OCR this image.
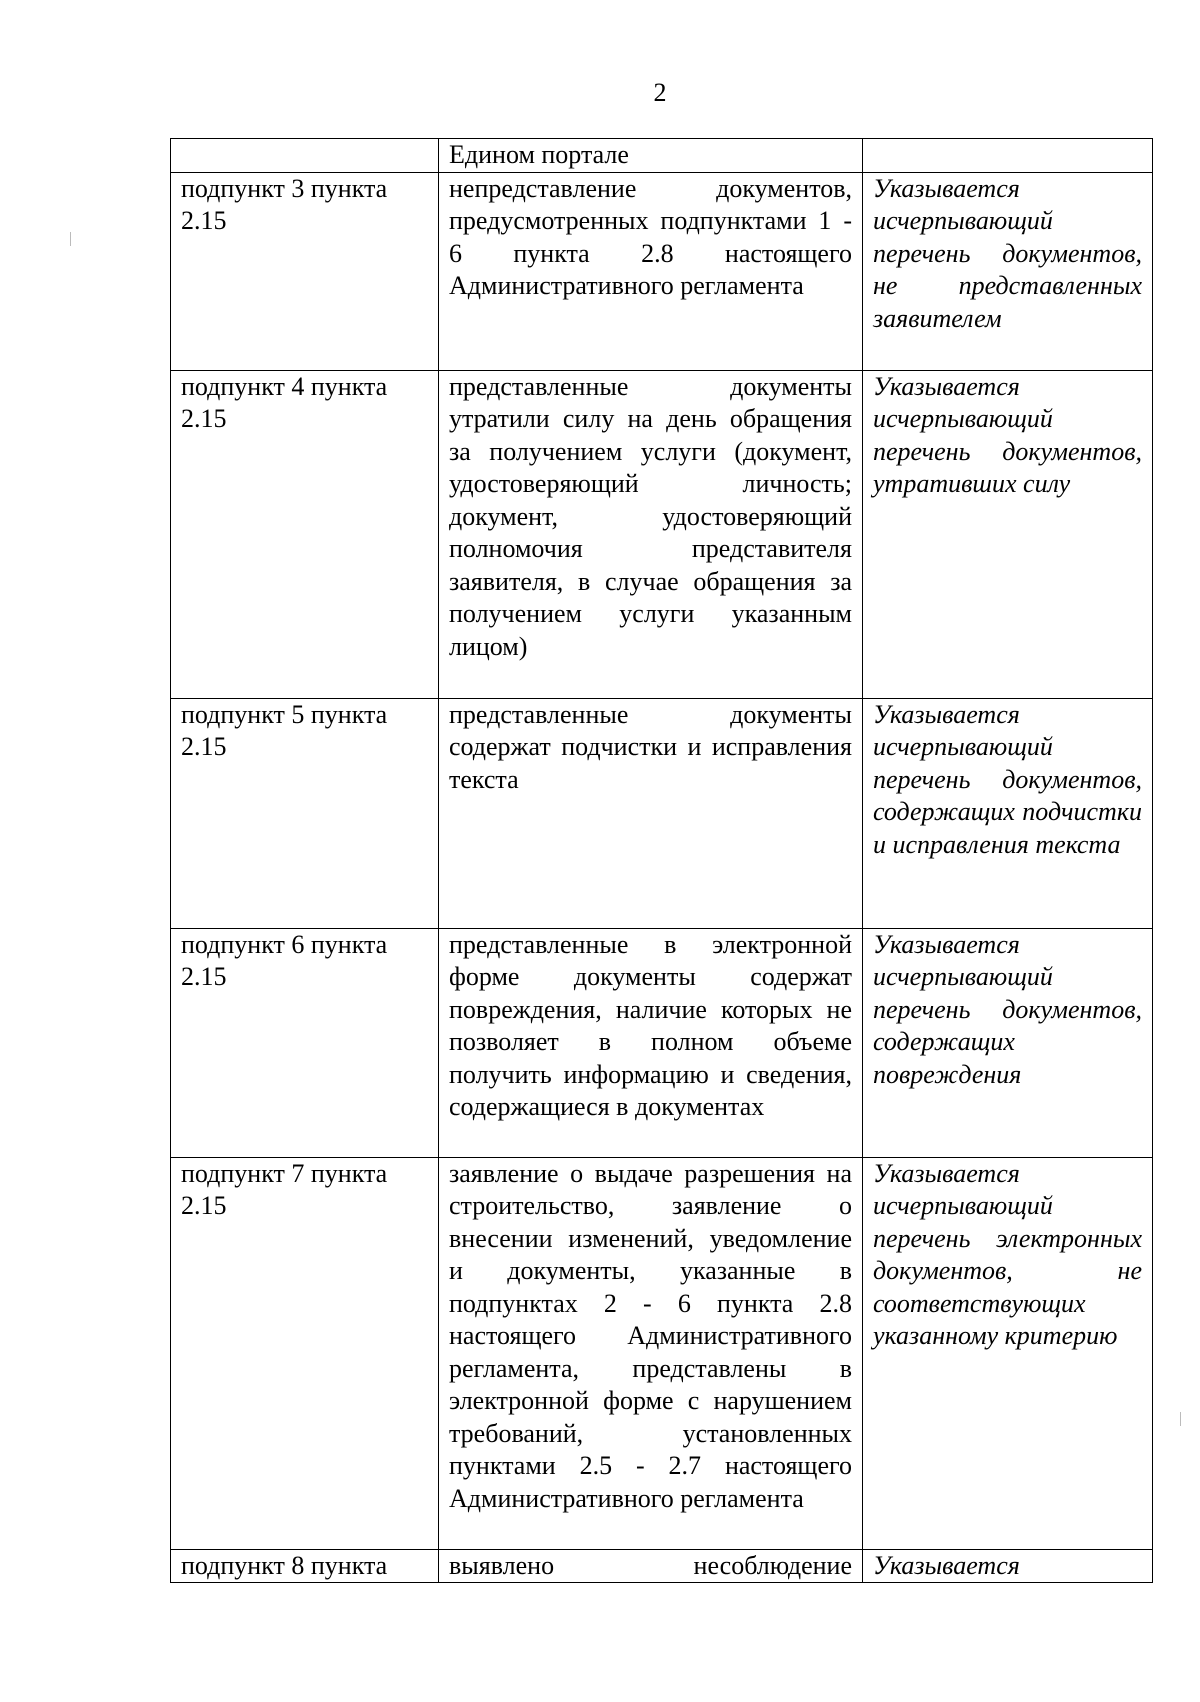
2
	Едином портале	
подпункт 3 пункта 2.15	непредставление документов, предусмотренных подпунктами 1 - 6 пункта 2.8 настоящего Административного регламента	Указывается исчерпывающий перечень документов, не представленных заявителем
подпункт 4 пункта 2.15	представленные документы утратили силу на день обращения за получением услуги (документ, удостоверяющий личность; документ, удостоверяющий полномочия представителя заявителя, в случае обращения за получением услуги указанным лицом)	Указывается исчерпывающий перечень документов, утративших силу
подпункт 5 пункта 2.15	представленные документы содержат подчистки и исправления текста	Указывается исчерпывающий перечень документов, содержащих подчистки и исправления текста
подпункт 6 пункта 2.15	представленные в электронной форме документы содержат повреждения, наличие которых не позволяет в полном объеме получить информацию и сведения, содержащиеся в документах	Указывается исчерпывающий перечень документов, содержащих повреждения
подпункт 7 пункта 2.15	заявление о выдаче разрешения на строительство, заявление о внесении изменений, уведомление и документы, указанные в подпунктах 2 - 6 пункта 2.8 настоящего Административного регламента, представлены в электронной форме с нарушением требований, установленных пунктами 2.5 - 2.7 настоящего Административного регламента	Указывается исчерпывающий перечень электронных документов, не соответствующих указанному критерию
подпункт 8 пункта	выявлено несоблюдение	Указывается
